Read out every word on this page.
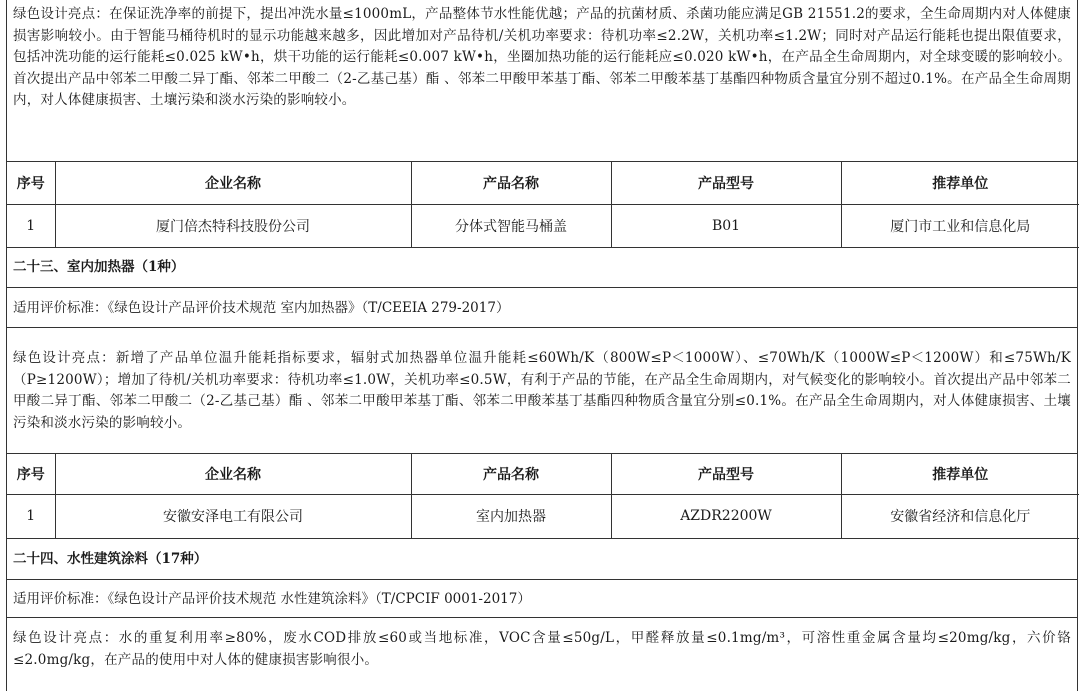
绿色设计亮点：在保证洗净率的前提下，提出冲洗水量≤1000mL，产品整体节水性能优越；产品的抗菌材质、杀菌功能应满足GB 21551.2的要求，全生命周期内对人体健康损害影响较小。由于智能马桶待机时的显示功能越来越多，因此增加对产品待机/关机功率要求：待机功率≤2.2W，关机功率≤1.2W；同时对产品运行能耗也提出限值要求，包括冲洗功能的运行能耗≤0.025 kW•h，烘干功能的运行能耗≤0.007 kW•h，坐圈加热功能的运行能耗应≤0.020 kW•h，在产品全生命周期内，对全球变暖的影响较小。首次提出产品中邻苯二甲酸二异丁酯、邻苯二甲酸二（2-乙基己基）酯 、邻苯二甲酸甲苯基丁酯、邻苯二甲酸苯基丁基酯四种物质含量宜分别不超过0.1%。在产品全生命周期内，对人体健康损害、土壤污染和淡水污染的影响较小。

序号	企业名称	产品名称	产品型号	推荐单位
1	厦门倍杰特科技股份公司	分体式智能马桶盖	B01	厦门市工业和信息化局
二十三、室内加热器（1种）
适用评价标准：《绿色设计产品评价技术规范 室内加热器》（T/CEEIA 279-2017）

绿色设计亮点：新增了产品单位温升能耗指标要求，辐射式加热器单位温升能耗≤60Wh/K（800W≤P＜1000W）、≤70Wh/K（1000W≤P＜1200W）和≤75Wh/K（P≥1200W）；增加了待机/关机功率要求：待机功率≤1.0W，关机功率≤0.5W，有利于产品的节能，在产品全生命周期内，对气候变化的影响较小。首次提出产品中邻苯二甲酸二异丁酯、邻苯二甲酸二（2-乙基己基）酯 、邻苯二甲酸甲苯基丁酯、邻苯二甲酸苯基丁基酯四种物质含量宜分别≤0.1%。在产品全生命周期内，对人体健康损害、土壤污染和淡水污染的影响较小。

序号	企业名称	产品名称	产品型号	推荐单位
1	安徽安泽电工有限公司	室内加热器	AZDR2200W	安徽省经济和信息化厅
二十四、水性建筑涂料（17种）
适用评价标准：《绿色设计产品评价技术规范 水性建筑涂料》（T/CPCIF 0001-2017）

绿色设计亮点：水的重复利用率≥80%，废水COD排放≤60或当地标准，VOC含量≤50g/L，甲醛释放量≤0.1mg/m³，可溶性重金属含量均≤20mg/kg，六价铬≤2.0mg/kg，在产品的使用中对人体的健康损害影响很小。
